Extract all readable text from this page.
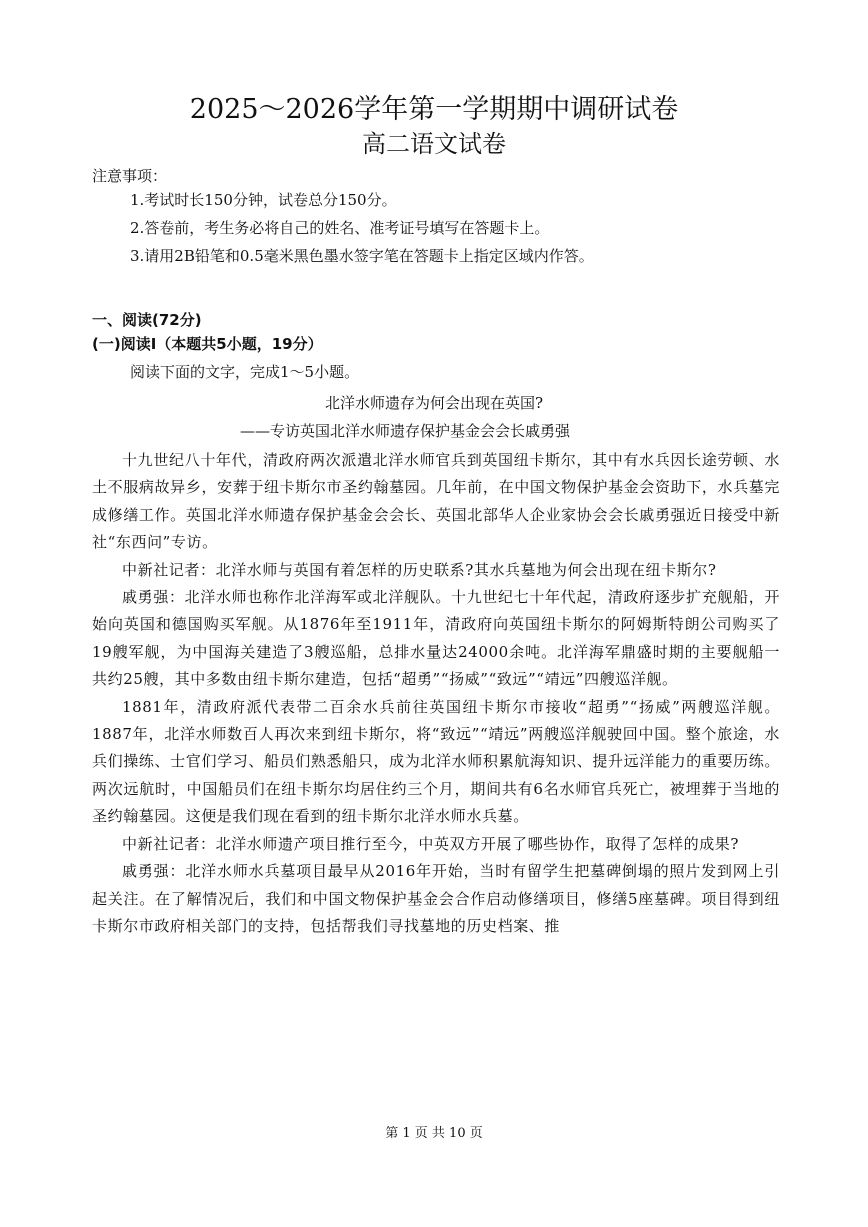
2025～2026学年第一学期期中调研试卷
高二语文试卷
注意事项：
1.考试时长150分钟，试卷总分150分。
2.答卷前，考生务必将自己的姓名、准考证号填写在答题卡上。
3.请用2B铅笔和0.5毫米黑色墨水签字笔在答题卡上指定区域内作答。
一、阅读(72分)
(一)阅读Ⅰ（本题共5小题，19分）
阅读下面的文字，完成1～5小题。
北洋水师遗存为何会出现在英国?
——专访英国北洋水师遗存保护基金会会长戚勇强

十九世纪八十年代，清政府两次派遣北洋水师官兵到英国纽卡斯尔，其中有水兵因长途劳顿、水土不服病故异乡，安葬于纽卡斯尔市圣约翰墓园。几年前，在中国文物保护基金会资助下，水兵墓完成修缮工作。英国北洋水师遗存保护基金会会长、英国北部华人企业家协会会长戚勇强近日接受中新社“东西问”专访。

中新社记者：北洋水师与英国有着怎样的历史联系?其水兵墓地为何会出现在纽卡斯尔?

戚勇强：北洋水师也称作北洋海军或北洋舰队。十九世纪七十年代起，清政府逐步扩充舰船，开始向英国和德国购买军舰。从1876年至1911年，清政府向英国纽卡斯尔的阿姆斯特朗公司购买了19艘军舰，为中国海关建造了3艘巡船，总排水量达24000余吨。北洋海军鼎盛时期的主要舰船一共约25艘，其中多数由纽卡斯尔建造，包括“超勇”“扬威”“致远”“靖远”四艘巡洋舰。

1881年，清政府派代表带二百余水兵前往英国纽卡斯尔市接收“超勇”“扬威”两艘巡洋舰。1887年，北洋水师数百人再次来到纽卡斯尔，将“致远”“靖远”两艘巡洋舰驶回中国。整个旅途，水兵们操练、士官们学习、船员们熟悉船只，成为北洋水师积累航海知识、提升远洋能力的重要历练。两次远航时，中国船员们在纽卡斯尔均居住约三个月，期间共有6名水师官兵死亡，被埋葬于当地的圣约翰墓园。这便是我们现在看到的纽卡斯尔北洋水师水兵墓。

中新社记者：北洋水师遗产项目推行至今，中英双方开展了哪些协作，取得了怎样的成果?

戚勇强：北洋水师水兵墓项目最早从2016年开始，当时有留学生把墓碑倒塌的照片发到网上引起关注。在了解情况后，我们和中国文物保护基金会合作启动修缮项目，修缮5座墓碑。项目得到纽卡斯尔市政府相关部门的支持，包括帮我们寻找墓地的历史档案、推

第 1 页 共 10 页
